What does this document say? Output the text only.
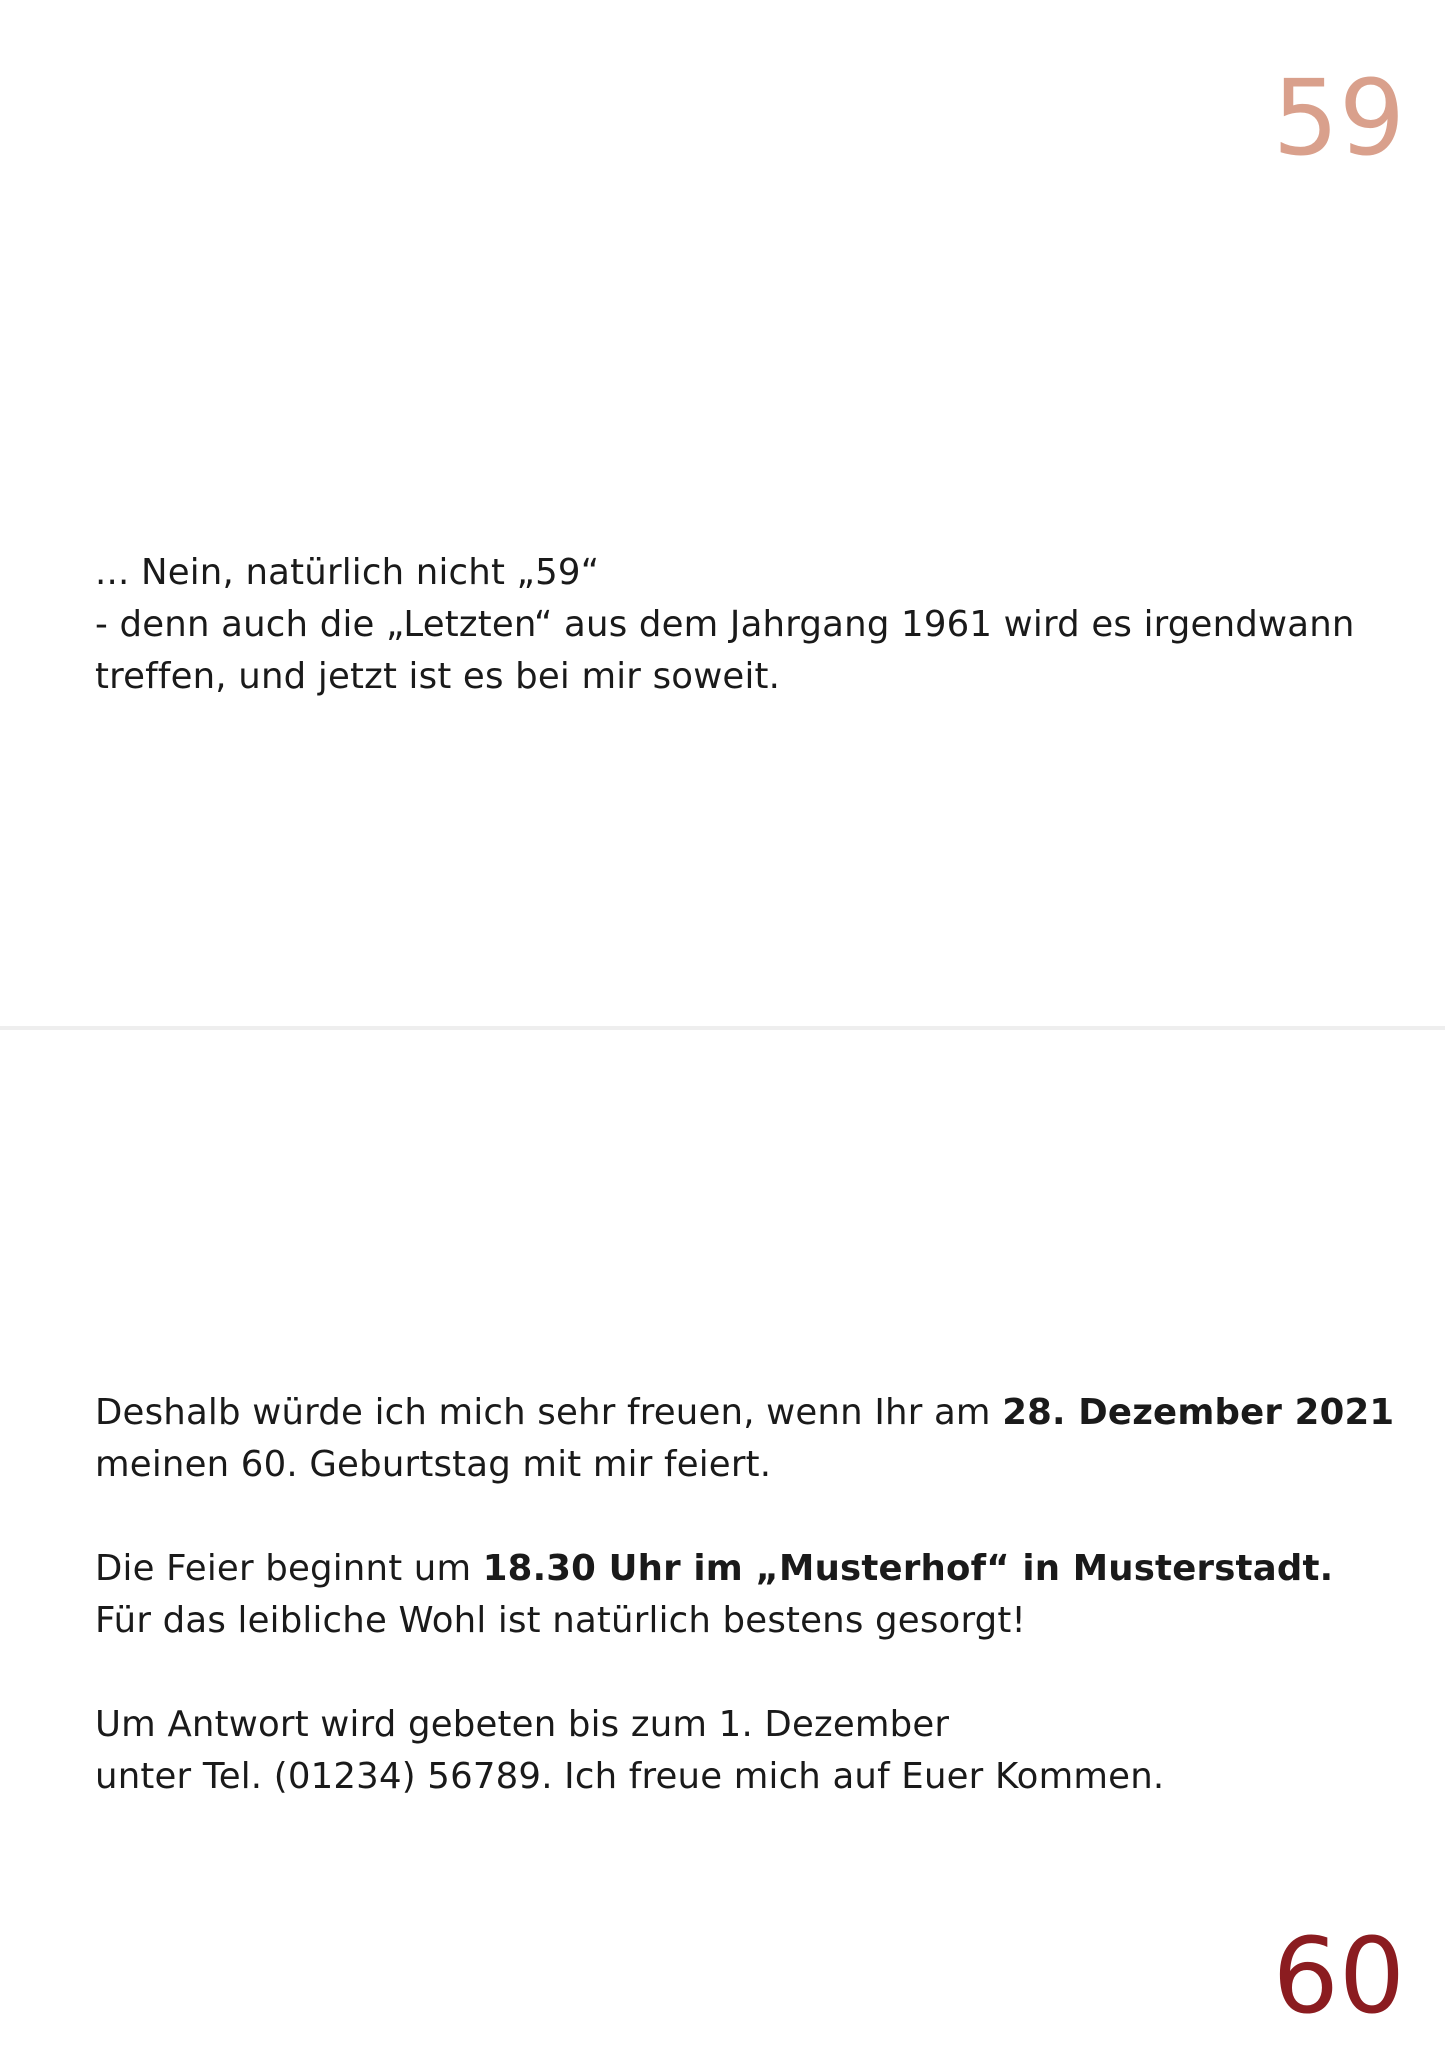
59

... Nein, natürlich nicht „59“

- denn auch die „Letzten“ aus dem Jahrgang 1961 wird es irgendwann

treffen, und jetzt ist es bei mir soweit.

Deshalb würde ich mich sehr freuen, wenn Ihr am 28. Dezember 2021
meinen 60. Geburtstag mit mir feiert.

Die Feier beginnt um 18.30 Uhr im „Musterhof“ in Musterstadt.
Für das leibliche Wohl ist natürlich bestens gesorgt!

Um Antwort wird gebeten bis zum 1. Dezember
unter Tel. (01234) 56789. Ich freue mich auf Euer Kommen.

60
